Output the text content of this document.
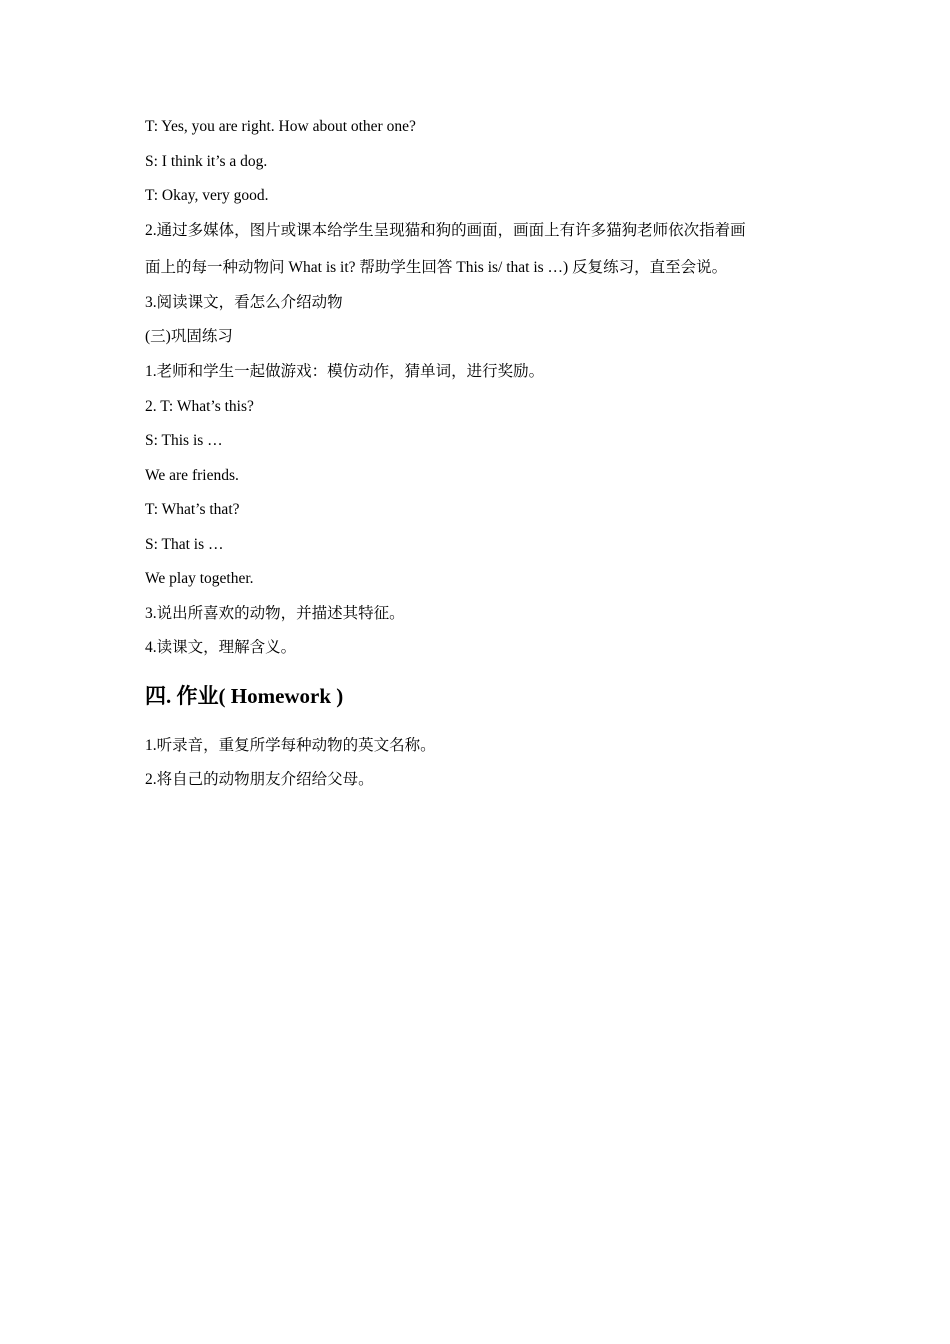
T: Yes, you are right. How about other one?
S: I think it’s a dog.
T: Okay, very good.
2.通过多媒体，图片或课本给学生呈现猫和狗的画面，画面上有许多猫狗老师依次指着画
面上的每一种动物问 What is it? 帮助学生回答 This is/ that is …) 反复练习，直至会说。
3.阅读课文，看怎么介绍动物
(三)巩固练习
1.老师和学生一起做游戏：模仿动作，猜单词，进行奖励。
2. T: What’s this?
S: This is …
We are friends.
T: What’s that?
S: That is …
We play together.
3.说出所喜欢的动物，并描述其特征。
4.读课文，理解含义。
四. 作业( Homework )
1.听录音，重复所学每种动物的英文名称。
2.将自己的动物朋友介绍给父母。
